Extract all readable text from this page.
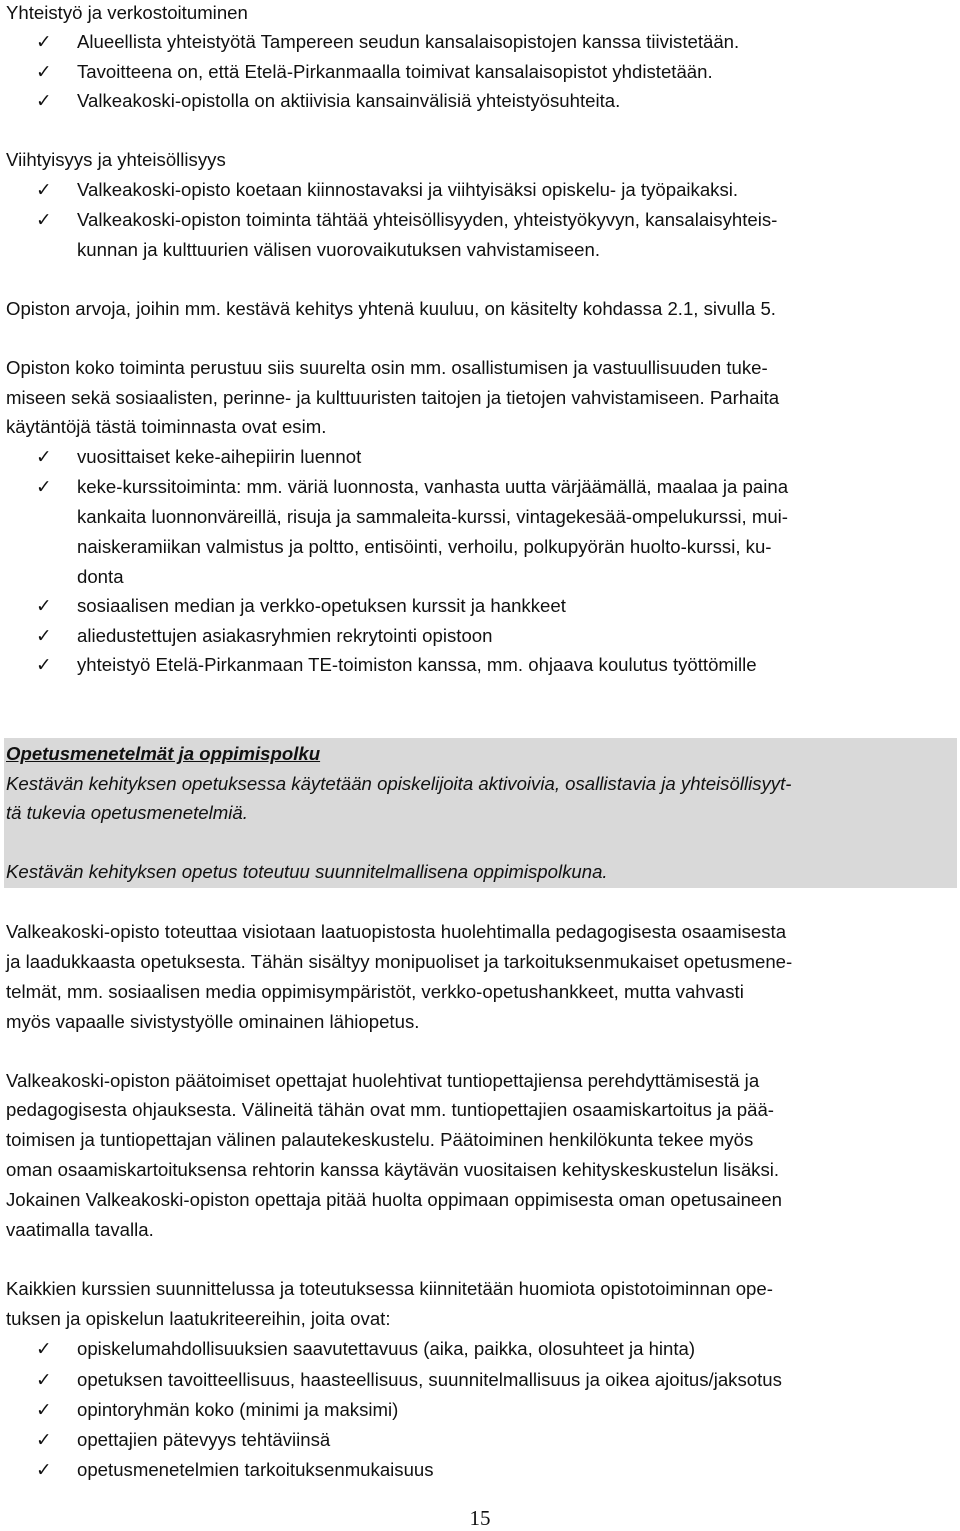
Yhteistyö ja verkostoituminen
✓	Alueellista yhteistyötä Tampereen seudun kansalaisopistojen kanssa tiivistetään.
✓	Tavoitteena on, että Etelä-Pirkanmaalla toimivat kansalaisopistot yhdistetään.
✓	Valkeakoski-opistolla on aktiivisia kansainvälisiä yhteistyösuhteita.
Viihtyisyys ja yhteisöllisyys
✓	Valkeakoski-opisto koetaan kiinnostavaksi ja viihtyisäksi opiskelu- ja työpaikaksi.
✓	Valkeakoski-opiston toiminta tähtää yhteisöllisyyden, yhteistyökyvyn, kansalaisyhteis-
kunnan ja kulttuurien välisen vuorovaikutuksen vahvistamiseen.
Opiston arvoja, joihin mm. kestävä kehitys yhtenä kuuluu, on käsitelty kohdassa 2.1, sivulla 5.
Opiston koko toiminta perustuu siis suurelta osin mm. osallistumisen ja vastuullisuuden tuke-
miseen sekä sosiaalisten, perinne- ja kulttuuristen taitojen ja tietojen vahvistamiseen. Parhaita
käytäntöjä tästä toiminnasta ovat esim.
✓	vuosittaiset keke-aihepiirin luennot
✓	keke-kurssitoiminta: mm. väriä luonnosta, vanhasta uutta värjäämällä, maalaa ja paina
kankaita luonnonväreillä, risuja ja sammaleita-kurssi, vintagekesää-ompelukurssi, mui-
naiskeramiikan valmistus ja poltto, entisöinti, verhoilu, polkupyörän huolto-kurssi, ku-
donta
✓	sosiaalisen median ja verkko-opetuksen kurssit ja hankkeet
✓	aliedustettujen asiakasryhmien rekrytointi opistoon
✓	yhteistyö Etelä-Pirkanmaan TE-toimiston kanssa, mm. ohjaava koulutus työttömille
Opetusmenetelmät ja oppimispolku
Kestävän kehityksen opetuksessa käytetään opiskelijoita aktivoivia, osallistavia ja yhteisöllisyyt-
tä tukevia opetusmenetelmiä.
Kestävän kehityksen opetus toteutuu suunnitelmallisena oppimispolkuna.
Valkeakoski-opisto toteuttaa visiotaan laatuopistosta huolehtimalla pedagogisesta osaamisesta
ja laadukkaasta opetuksesta. Tähän sisältyy monipuoliset ja tarkoituksenmukaiset opetusmene-
telmät, mm. sosiaalisen media oppimisympäristöt, verkko-opetushankkeet, mutta vahvasti
myös vapaalle sivistystyölle ominainen lähiopetus.
Valkeakoski-opiston päätoimiset opettajat huolehtivat tuntiopettajiensa perehdyttämisestä ja
pedagogisesta ohjauksesta. Välineitä tähän ovat mm. tuntiopettajien osaamiskartoitus ja pää-
toimisen ja tuntiopettajan välinen palautekeskustelu. Päätoiminen henkilökunta tekee myös
oman osaamiskartoituksensa rehtorin kanssa käytävän vuositaisen kehityskeskustelun lisäksi.
Jokainen Valkeakoski-opiston opettaja pitää huolta oppimaan oppimisesta oman opetusaineen
vaatimalla tavalla.
Kaikkien kurssien suunnittelussa ja toteutuksessa kiinnitetään huomiota opistotoiminnan ope-
tuksen ja opiskelun laatukriteereihin, joita ovat:
✓	opiskelumahdollisuuksien saavutettavuus (aika, paikka, olosuhteet ja hinta)
✓	opetuksen tavoitteellisuus, haasteellisuus, suunnitelmallisuus ja oikea ajoitus/jaksotus
✓	opintoryhmän koko (minimi ja maksimi)
✓	opettajien pätevyys tehtäviinsä
✓	opetusmenetelmien tarkoituksenmukaisuus
15
